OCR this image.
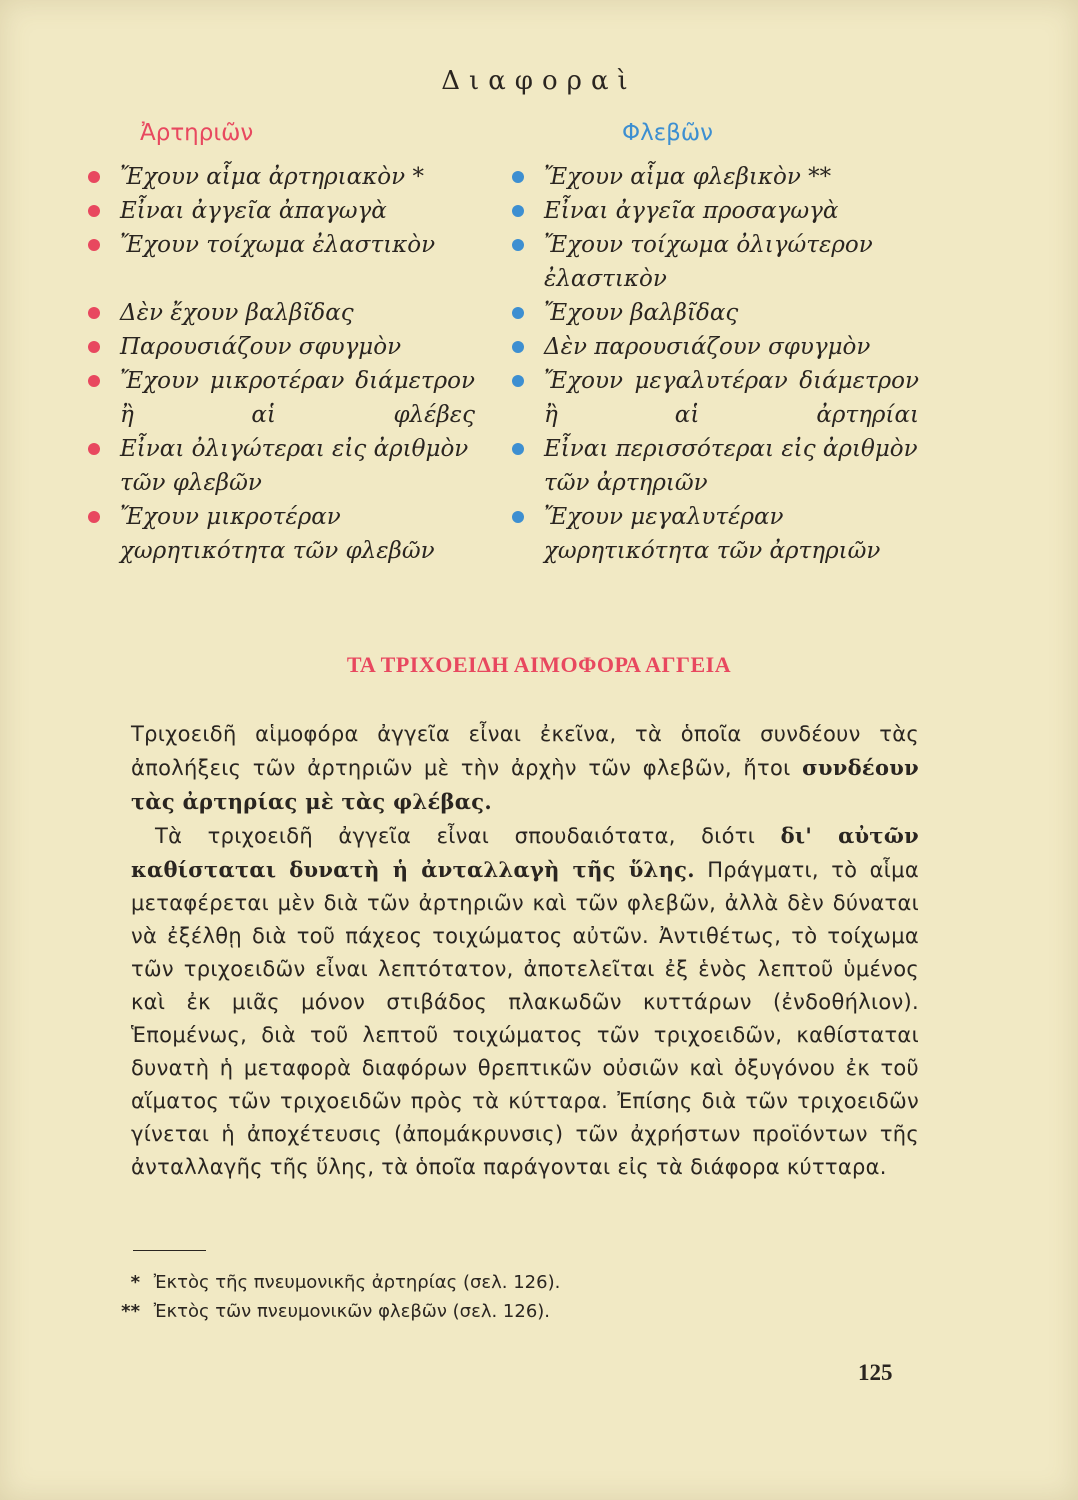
Διαφοραὶ
Ἀρτηριῶν
Ἔχουν αἷμα ἀρτηριακὸν *
Εἶναι ἀγγεῖα ἀπαγωγὰ
Ἔχουν τοίχωμα ἐλαστικὸν
Δὲν ἔχουν βαλβῖδας
Παρουσιάζουν σφυγμὸν
Ἔχουν μικροτέραν διάμετρον ἢ αἱ φλέβες
Εἶναι ὀλιγώτεραι εἰς ἀριθμὸν τῶν φλεβῶν
Ἔχουν μικροτέραν χωρητικότητα τῶν φλεβῶν
Φλεβῶν
Ἔχουν αἷμα φλεβικὸν **
Εἶναι ἀγγεῖα προσαγωγὰ
Ἔχουν τοίχωμα ὀλιγώτερον ἐλαστικὸν
Ἔχουν βαλβῖδας
Δὲν παρουσιάζουν σφυγμὸν
Ἔχουν μεγαλυτέραν διάμετρον ἢ αἱ ἀρτηρίαι
Εἶναι περισσότεραι εἰς ἀριθμὸν τῶν ἀρτηριῶν
Ἔχουν μεγαλυτέραν χωρητικότητα τῶν ἀρτηριῶν
ΤΑ ΤΡΙΧΟΕΙΔΗ ΑΙΜΟΦΟΡΑ ΑΓΓΕΙΑ

Τριχοειδῆ αἱμοφόρα ἀγγεῖα εἶναι ἐκεῖνα, τὰ ὁποῖα συνδέουν τὰς ἀπολήξεις τῶν ἀρτηριῶν μὲ τὴν ἀρχὴν τῶν φλεβῶν, ἤτοι συνδέουν τὰς ἀρτηρίας μὲ τὰς φλέβας.

Τὰ τριχοειδῆ ἀγγεῖα εἶναι σπουδαιότατα, διότι δι' αὐτῶν καθίσταται δυνατὴ ἡ ἀνταλλαγὴ τῆς ὕλης. Πράγματι, τὸ αἷμα μεταφέρεται μὲν διὰ τῶν ἀρτηριῶν καὶ τῶν φλεβῶν, ἀλλὰ δὲν δύναται νὰ ἐξέλθῃ διὰ τοῦ πάχεος τοιχώματος αὐτῶν. Ἀντιθέτως, τὸ τοίχωμα τῶν τριχοειδῶν εἶναι λεπτότατον, ἀποτελεῖται ἐξ ἑνὸς λεπτοῦ ὑμένος καὶ ἐκ μιᾶς μόνον στιβάδος πλακωδῶν κυττάρων (ἐνδοθήλιον). Ἑπομένως, διὰ τοῦ λεπτοῦ τοιχώματος τῶν τριχοειδῶν, καθίσταται δυνατὴ ἡ μεταφορὰ διαφόρων θρεπτικῶν οὐσιῶν καὶ ὀξυγόνου ἐκ τοῦ αἵματος τῶν τριχοειδῶν πρὸς τὰ κύτταρα. Ἐπίσης διὰ τῶν τριχοειδῶν γίνεται ἡ ἀποχέτευσις (ἀπομάκρυνσις) τῶν ἀχρήστων προϊόντων τῆς ἀνταλλαγῆς τῆς ὕλης, τὰ ὁποῖα παράγονται εἰς τὰ διάφορα κύτταρα.

* Ἐκτὸς τῆς πνευμονικῆς ἀρτηρίας (σελ. 126).
** Ἐκτὸς τῶν πνευμονικῶν φλεβῶν (σελ. 126).
125
